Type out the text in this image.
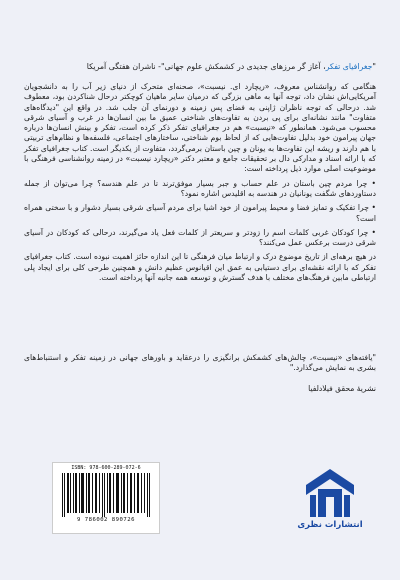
"جغرافیای تفکر، آغاز گر مرزهای جدیدی در کشمکش علوم جهانی"- ناشران هفتگی آمریکا

هنگامی که روانشناس معروف، «ریچارد ای. نیسبت»، صحنه‌ای متحرک از دنیای زیر آب را به دانشجویان آمریکایی‌اش نشان داد، توجه آنها به ماهی بزرگی که درمیان سایر ماهیان کوچکتر درحال شناکردن بود، معطوف شد. درحالی که توجه ناظران ژاپنی به فضای پس زمینه و دورنمای آن جلب شد. در واقع این "دیدگاه‌های متفاوت" مانند نشانه‌ای برای پی بردن به تفاوت‌های شناختی عمیق ما بین انسان‌ها در غرب و آسیای شرقی محسوب می‌شود. همانطور که «نیسبت» هم در جغرافیای تفکر ذکر کرده است، تفکر و بینش انسان‌ها درباره جهان پیرامون خود بدلیل تفاوت‌هایی که از لحاظ بوم شناختی، ساختارهای اجتماعی، فلسفه‌ها و نظام‌های تربیتی با هم دارند و ریشه این تفاوت‌ها به یونان و چین باستان برمی‌گردد، متفاوت از یکدیگر است. کتاب جغرافیای تفکر که با ارائه اسناد و مدارکی دال بر تحقیقات جامع و معتبر دکتر «ریچارد نیسبت» در زمینه روانشناسی فرهنگی با موضوعیت اصلی موارد ذیل پرداخته است:

• چرا مردم چین باستان در علم حساب و جبر بسیار موفق‌ترند تا در علم هندسه؟ چرا می‌توان از جمله دستاوردهای شگفت یونانیان در هندسه به اقلیدس اشاره نمود؟

• چرا تفکیک و تمایز فضا و محیط پیرامون از خود اشیا برای مردم آسیای شرقی بسیار دشوار و با سختی همراه است؟

• چرا کودکان غربی کلمات اسم را زودتر و سریعتر از کلمات فعل یاد می‌گیرند، درحالی که کودکان در آسیای شرقی درست برعکس عمل می‌کنند؟

در هیچ برهه‌ای از تاریخ موضوع درک و ارتباط میان فرهنگی تا این اندازه حائز اهمیت نبوده است. کتاب جغرافیای تفکر که با ارائه نقشه‌ای برای دستیابی به عمق این اقیانوس عظیم دانش و همچنین طرحی کلی برای ایجاد پلی ارتباطی مابین فرهنگ‌های مختلف با هدف گسترش و توسعه همه جانبه آنها پرداخته است.

"یافته‌های «نیسبت»، چالش‌های کشمکش برانگیزی را درعقاید و باورهای جهانی در زمینه تفکر و استنباط‌های بشری به نمایش می‌گذارد."
نشریهٔ محقق فیلادلفیا
ISBN: 978-600-289-072-6
9 786002 890726	انتشارات نظری
